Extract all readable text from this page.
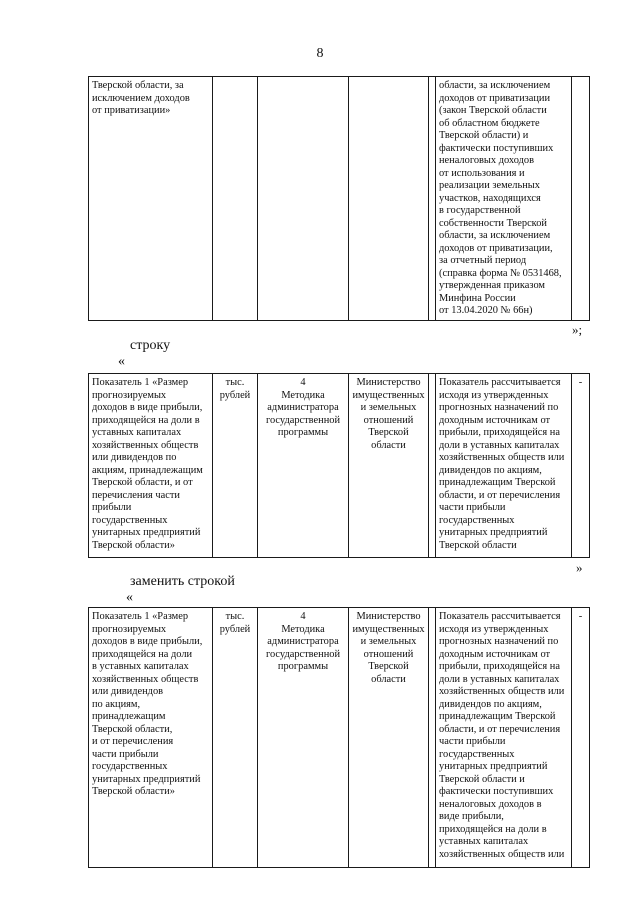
8
Тверской области, за
исключением доходов
от приватизации»					области, за исключением
доходов от приватизации
(закон Тверской области
об областном бюджете
Тверской области) и
фактически поступивших
неналоговых доходов
от использования и
реализации земельных
участков, находящихся
в государственной
собственности Тверской
области, за исключением
доходов от приватизации,
за отчетный период
(справка форма № 0531468,
утвержденная приказом
Минфина России
от 13.04.2020 № 66н)	
»;
строку
«
Показатель 1 «Размер
прогнозируемых
доходов в виде прибыли,
приходящейся на доли в
уставных капиталах
хозяйственных обществ
или дивидендов по
акциям, принадлежащим
Тверской области, и от
перечисления части
прибыли
государственных
унитарных предприятий
Тверской области»	тыс.
рублей	4
Методика
администратора
государственной
программы	Министерство
имущественных
и земельных
отношений
Тверской
области		Показатель рассчитывается
исходя из утвержденных
прогнозных назначений по
доходным источникам от
прибыли, приходящейся на
доли в уставных капиталах
хозяйственных обществ или
дивидендов по акциям,
принадлежащим Тверской
области, и от перечисления
части прибыли
государственных
унитарных предприятий
Тверской области	-
»
заменить строкой
«
Показатель 1 «Размер
прогнозируемых
доходов в виде прибыли,
приходящейся на доли
в уставных капиталах
хозяйственных обществ
или дивидендов
по акциям,
принадлежащим
Тверской области,
и от перечисления
части прибыли
государственных
унитарных предприятий
Тверской области»	тыс.
рублей	4
Методика
администратора
государственной
программы	Министерство
имущественных
и земельных
отношений
Тверской
области		Показатель рассчитывается
исходя из утвержденных
прогнозных назначений по
доходным источникам от
прибыли, приходящейся на
доли в уставных капиталах
хозяйственных обществ или
дивидендов по акциям,
принадлежащим Тверской
области, и от перечисления
части прибыли
государственных
унитарных предприятий
Тверской области и
фактически поступивших
неналоговых доходов в
виде прибыли,
приходящейся на доли в
уставных капиталах
хозяйственных обществ или	-
